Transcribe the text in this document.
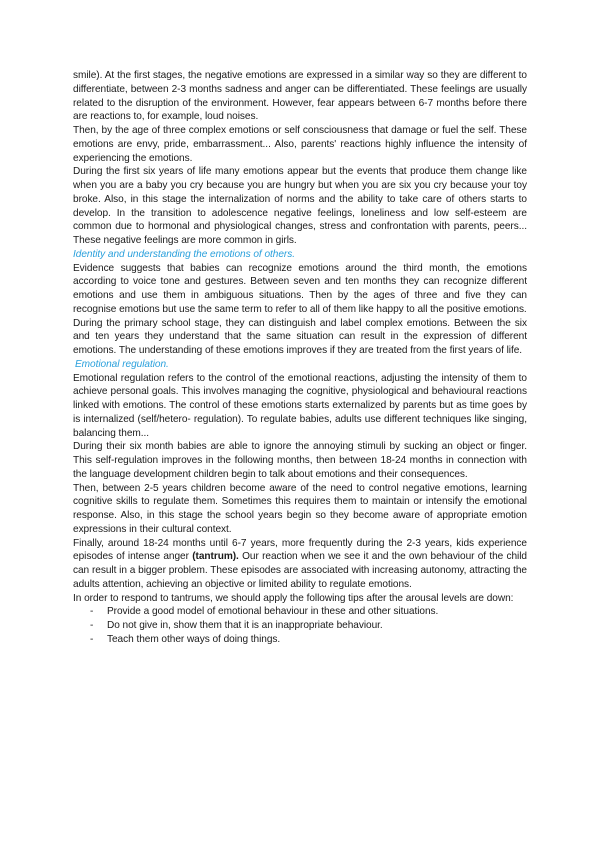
smile). At the first stages, the negative emotions are expressed in a similar way so they are different to differentiate, between 2-3 months sadness and anger can be differentiated. These feelings are usually related to the disruption of the environment. However, fear appears between 6-7 months before there are reactions to, for example, loud noises.

Then, by the age of three complex emotions or self consciousness that damage or fuel the self. These emotions are envy, pride, embarrassment... Also, parents' reactions highly influence the intensity of experiencing the emotions.

During the first six years of life many emotions appear but the events that produce them change like when you are a baby you cry because you are hungry but when you are six you cry because your toy broke. Also, in this stage the internalization of norms and the ability to take care of others starts to develop. In the transition to adolescence negative feelings, loneliness and low self-esteem are common due to hormonal and physiological changes, stress and confrontation with parents, peers... These negative feelings are more common in girls.

Identity and understanding the emotions of others.

Evidence suggests that babies can recognize emotions around the third month, the emotions according to voice tone and gestures. Between seven and ten months they can recognize different emotions and use them in ambiguous situations. Then by the ages of three and five they can recognise emotions but use the same term to refer to all of them like happy to all the positive emotions.

During the primary school stage, they can distinguish and label complex emotions. Between the six and ten years they understand that the same situation can result in the expression of different emotions. The understanding of these emotions improves if they are treated from the first years of life.

Emotional regulation.

Emotional regulation refers to the control of the emotional reactions, adjusting the intensity of them to achieve personal goals. This involves managing the cognitive, physiological and behavioural reactions linked with emotions. The control of these emotions starts externalized by parents but as time goes by is internalized (self/hetero- regulation). To regulate babies, adults use different techniques like singing, balancing them...

During their six month babies are able to ignore the annoying stimuli by sucking an object or finger. This self-regulation improves in the following months, then between 18-24 months in connection with the language development children begin to talk about emotions and their consequences.

Then, between 2-5 years children become aware of the need to control negative emotions, learning cognitive skills to regulate them. Sometimes this requires them to maintain or intensify the emotional response. Also, in this stage the school years begin so they become aware of appropriate emotion expressions in their cultural context.

Finally, around 18-24 months until 6-7 years, more frequently during the 2-3 years, kids experience episodes of intense anger (tantrum). Our reaction when we see it and the own behaviour of the child can result in a bigger problem. These episodes are associated with increasing autonomy, attracting the adults attention, achieving an objective or limited ability to regulate emotions.

In order to respond to tantrums, we should apply the following tips after the arousal levels are down:

- Provide a good model of emotional behaviour in these and other situations.
- Do not give in, show them that it is an inappropriate behaviour.
- Teach them other ways of doing things.
